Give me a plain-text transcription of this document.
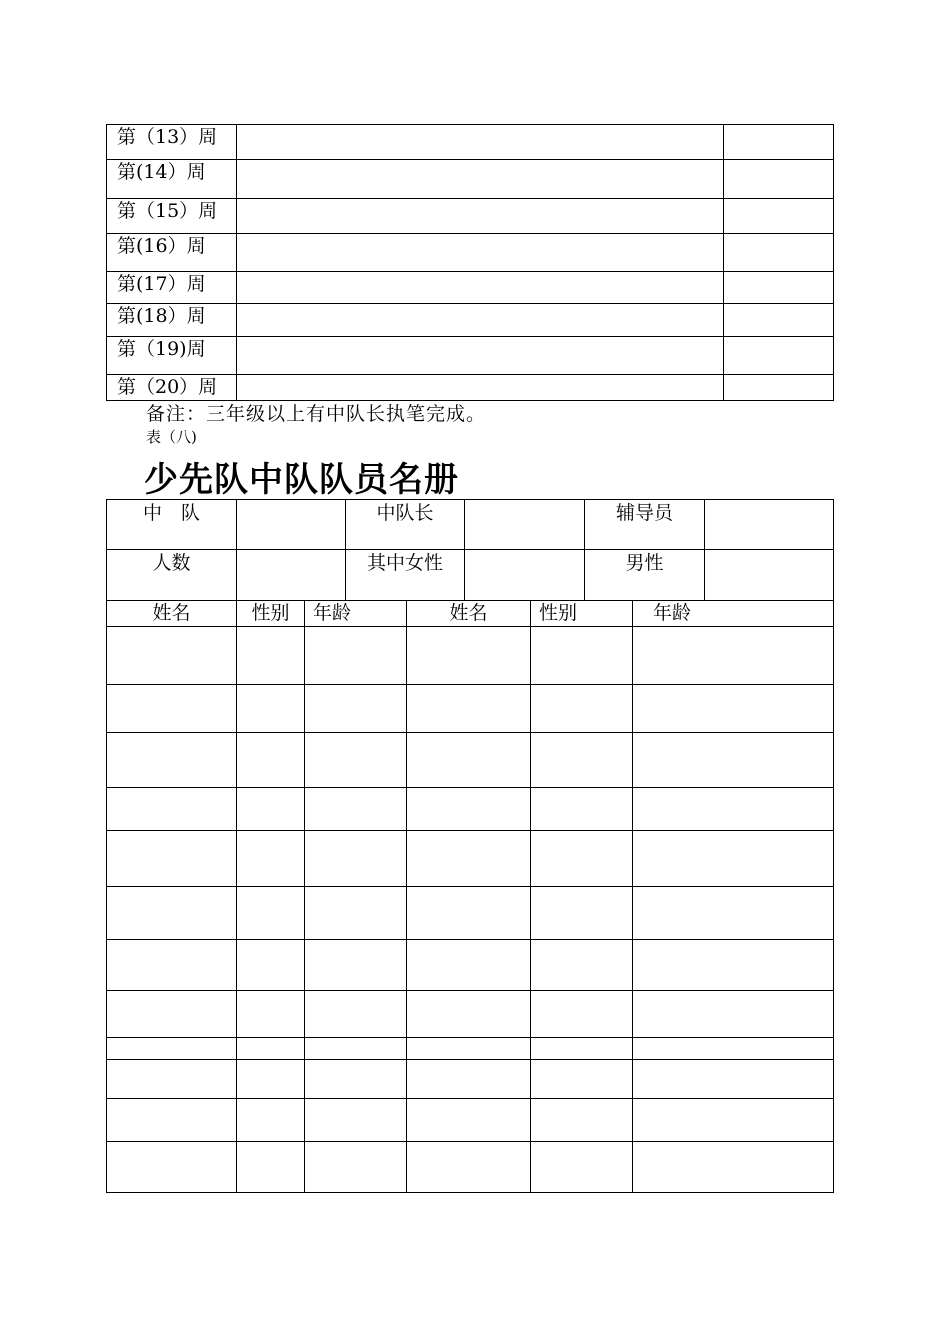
第（13）周		
第(14）周		
第（15）周		
第(16）周		
第(17）周		
第(18）周		
第（19)周		
第（20）周		
备注：三年级以上有中队长执笔完成。
表（八)
少先队中队队员名册
中　队		中队长		辅导员	
人数		其中女性		男性	
姓名	性别	年龄	姓名	性别	年龄
